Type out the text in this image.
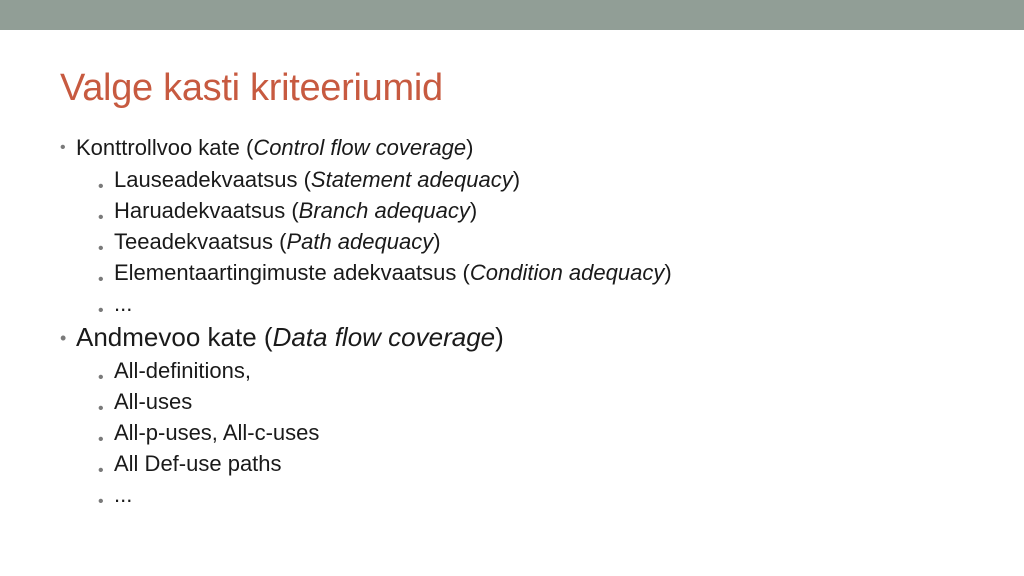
Valge kasti kriteeriumid
• Konttrollvoo kate (Control flow coverage)
• Lauseadekvaatsus (Statement adequacy)
• Haruadekvaatsus (Branch adequacy)
• Teeadekvaatsus (Path adequacy)
• Elementaartingimuste adekvaatsus (Condition adequacy)
• ...
• Andmevoo kate (Data flow coverage)
• All-definitions,
• All-uses
• All-p-uses, All-c-uses
• All Def-use paths
• ...
